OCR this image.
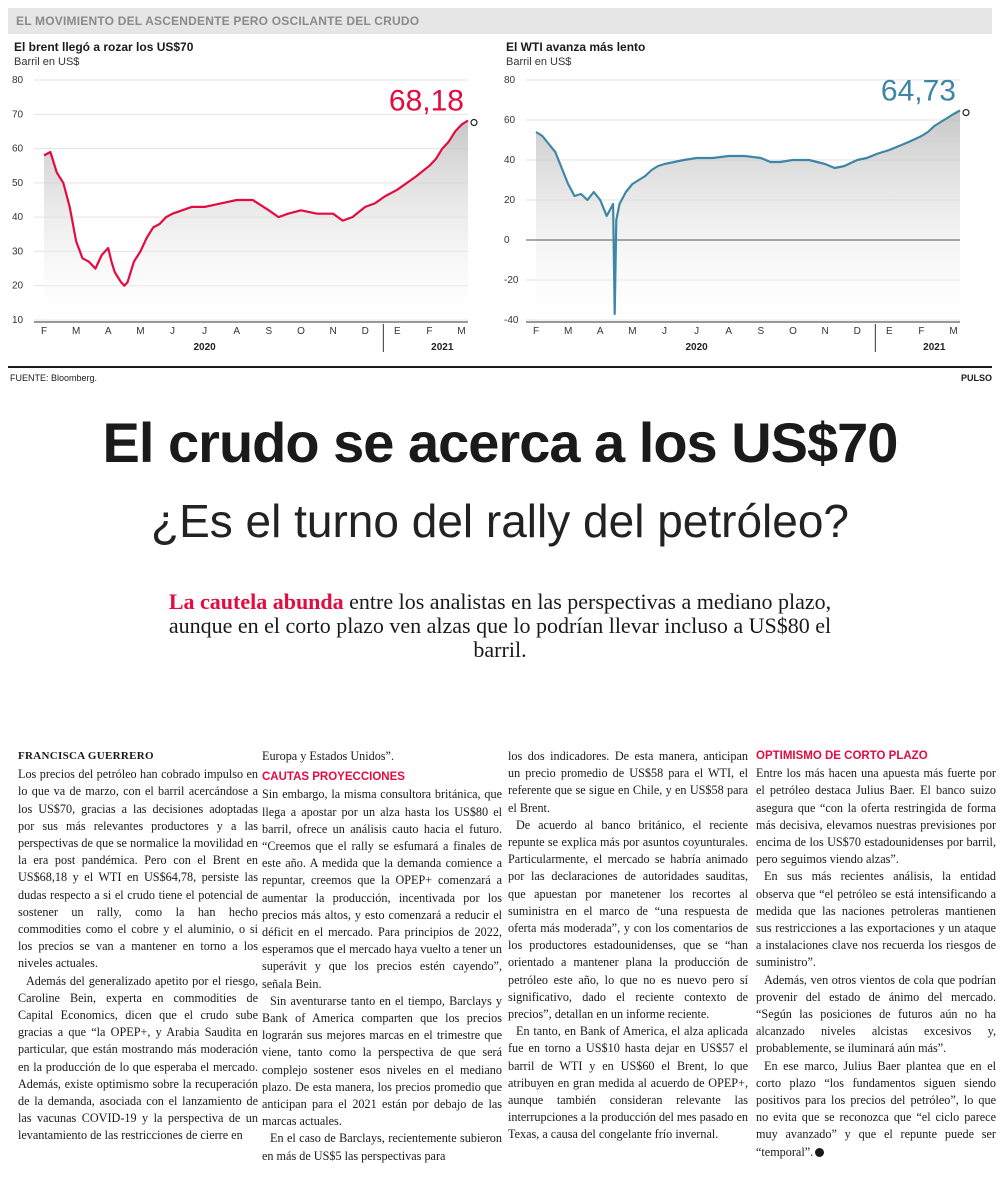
EL MOVIMIENTO DEL ASCENDENTE PERO OSCILANTE DEL CRUDO
El brent llegó a rozar los US$70
Barril en US$
10
20
30
40
50
60
70
80
68,18
F M A M	J	J	A	S O N D	E	F M
2020	2021
El WTI avanza más lento
Barril en US$
-40
-20
0
20
40
60
80	64,73
F M A M	J	J	A	S O N D	E	F M
2020	2021
FUENTE: Bloomberg.	PULSO
El crudo se acerca a los US$70
¿Es el turno del rally del petróleo?
La cautela abunda entre los analistas en las perspectivas a mediano plazo, aunque en el corto plazo ven alzas que lo podrían llevar incluso a US$80 el barril.
FRANCISCA GUERRERO

Los precios del petróleo han cobrado impulso en lo que va de marzo, con el barril acercándose a los US$70, gracias a las decisiones adoptadas por sus más relevantes productores y a las perspectivas de que se normalice la movilidad en la era post pandémica. Pero con el Brent en US$68,18 y el WTI en US$64,78, persiste las dudas respecto a si el crudo tiene el potencial de sostener un rally, como la han hecho commodities como el cobre y el aluminio, o si los precios se van a mantener en torno a los niveles actuales.

Además del generalizado apetito por el riesgo, Caroline Bein, experta en commodities de Capital Economics, dicen que el crudo sube gracias a que “la OPEP+, y Arabia Saudita en particular, que están mostrando más moderación en la producción de lo que esperaba el mercado. Además, existe optimismo sobre la recuperación de la demanda, asociada con el lanzamiento de las vacunas COVID-19 y la perspectiva de un levantamiento de las restricciones de cierre en

Europa y Estados Unidos”.

CAUTAS PROYECCIONES

Sin embargo, la misma consultora británica, que llega a apostar por un alza hasta los US$80 el barril, ofrece un análisis cauto hacia el futuro. “Creemos que el rally se esfumará a finales de este año. A medida que la demanda comience a repuntar, creemos que la OPEP+ comenzará a aumentar la producción, incentivada por los precios más altos, y esto comenzará a reducir el déficit en el mercado. Para principios de 2022, esperamos que el mercado haya vuelto a tener un superávit y que los precios estén cayendo”, señala Bein.

Sin aventurarse tanto en el tiempo, Barclays y Bank of America comparten que los precios lograrán sus mejores marcas en el trimestre que viene, tanto como la perspectiva de que será complejo sostener esos niveles en el mediano plazo. De esta manera, los precios promedio que anticipan para el 2021 están por debajo de las marcas actuales.

En el caso de Barclays, recientemente subieron en más de US$5 las perspectivas para

los dos indicadores. De esta manera, anticipan un precio promedio de US$58 para el WTI, el referente que se sigue en Chile, y en US$58 para el Brent.

De acuerdo al banco británico, el reciente repunte se explica más por asuntos coyunturales. Particularmente, el mercado se habría animado por las declaraciones de autoridades sauditas, que apuestan por manetener los recortes al suministra en el marco de “una respuesta de oferta más moderada”, y con los comentarios de los productores estadounidenses, que se “han orientado a mantener plana la producción de petróleo este año, lo que no es nuevo pero sí significativo, dado el reciente contexto de precios”, detallan en un informe reciente.

En tanto, en Bank of America, el alza aplicada fue en torno a US$10 hasta dejar en US$57 el barril de WTI y en US$60 el Brent, lo que atribuyen en gran medida al acuerdo de OPEP+, aunque también consideran relevante las interrupciones a la producción del mes pasado en Texas, a causa del congelante frío invernal.

OPTIMISMO DE CORTO PLAZO

Entre los más hacen una apuesta más fuerte por el petróleo destaca Julius Baer. El banco suizo asegura que “con la oferta restringida de forma más decisiva, elevamos nuestras previsiones por encima de los US$70 estadounidenses por barril, pero seguimos viendo alzas”.

En sus más recientes análisis, la entidad observa que “el petróleo se está intensificando a medida que las naciones petroleras mantienen sus restricciones a las exportaciones y un ataque a instalaciones clave nos recuerda los riesgos de suministro”.

Además, ven otros vientos de cola que podrían provenir del estado de ánimo del mercado. “Según las posiciones de futuros aún no ha alcanzado niveles alcistas excesivos y, probablemente, se iluminará aún más”.

En ese marco, Julius Baer plantea que en el corto plazo “los fundamentos siguen siendo positivos para los precios del petróleo”, lo que no evita que se reconozca que “el ciclo parece muy avanzado” y que el repunte puede ser “temporal”.
